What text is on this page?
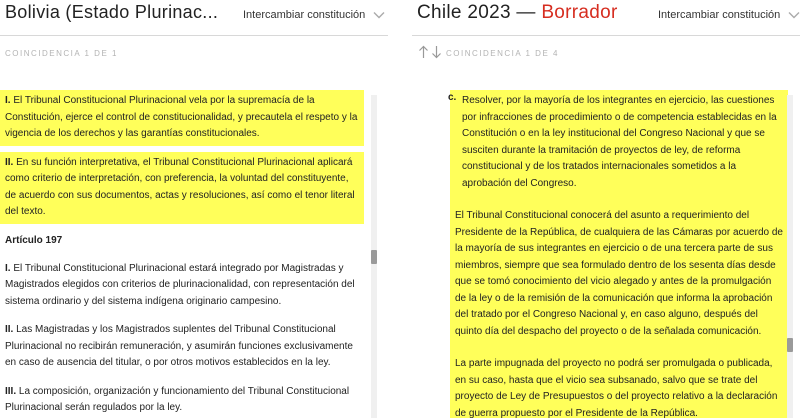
Bolivia (Estado Plurinac... Intercambiar constitución
COINCIDENCIA 1 DE 1

I. El Tribunal Constitucional Plurinacional vela por la supremacía de la Constitución, ejerce el control de constitucionalidad, y precautela el respeto y la vigencia de los derechos y las garantías constitucionales.

II. En su función interpretativa, el Tribunal Constitucional Plurinacional aplicará como criterio de interpretación, con preferencia, la voluntad del constituyente, de acuerdo con sus documentos, actas y resoluciones, así como el tenor literal del texto.

Artículo 197

I. El Tribunal Constitucional Plurinacional estará integrado por Magistradas y Magistrados elegidos con criterios de plurinacionalidad, con representación del sistema ordinario y del sistema indígena originario campesino.

II. Las Magistradas y los Magistrados suplentes del Tribunal Constitucional Plurinacional no recibirán remuneración, y asumirán funciones exclusivamente en caso de ausencia del titular, o por otros motivos establecidos en la ley.

III. La composición, organización y funcionamiento del Tribunal Constitucional Plurinacional serán regulados por la ley.

Chile 2023 — Borrador	Intercambiar constitución
COINCIDENCIA 1 DE 4
c. Resolver, por la mayoría de los integrantes en ejercicio, las cuestiones por infracciones de procedimiento o de competencia establecidas en la Constitución o en la ley institucional del Congreso Nacional y que se susciten durante la tramitación de proyectos de ley, de reforma constitucional y de los tratados internacionales sometidos a la aprobación del Congreso.

El Tribunal Constitucional conocerá del asunto a requerimiento del Presidente de la República, de cualquiera de las Cámaras por acuerdo de la mayoría de sus integrantes en ejercicio o de una tercera parte de sus miembros, siempre que sea formulado dentro de los sesenta días desde que se tomó conocimiento del vicio alegado y antes de la promulgación de la ley o de la remisión de la comunicación que informa la aprobación del tratado por el Congreso Nacional y, en caso alguno, después del quinto día del despacho del proyecto o de la señalada comunicación.

La parte impugnada del proyecto no podrá ser promulgada o publicada, en su caso, hasta que el vicio sea subsanado, salvo que se trate del proyecto de Ley de Presupuestos o del proyecto relativo a la declaración de guerra propuesto por el Presidente de la República.
